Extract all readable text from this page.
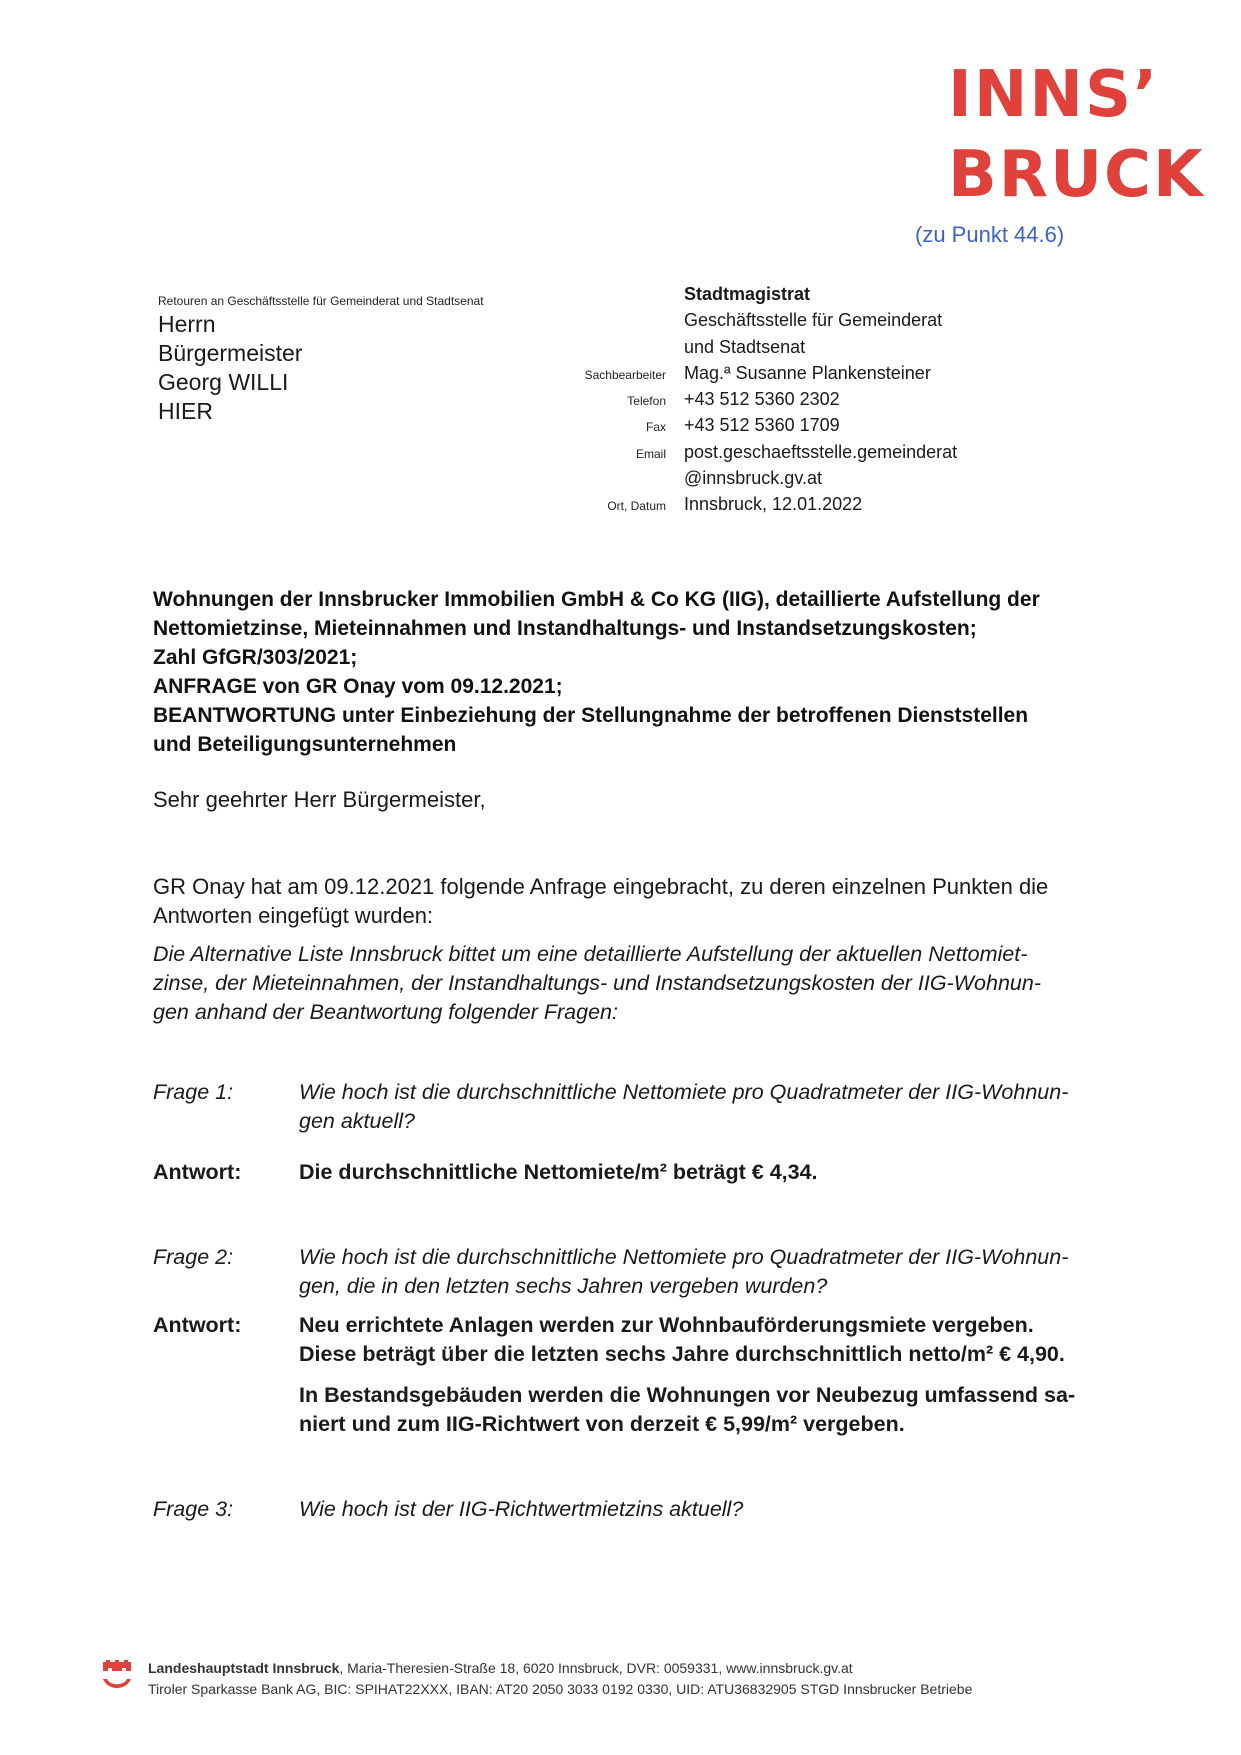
INNS’
BRUCK
(zu Punkt 44.6)
Retouren an Geschäftsstelle für Gemeinderat und Stadtsenat
Herrn
Bürgermeister
Georg WILLI
HIER
Stadtmagistrat
Geschäftsstelle für Gemeinderat
und Stadtsenat
Sachbearbeiter	Mag.ª Susanne Plankensteiner
Telefon	+43 512 5360 2302
Fax	+43 512 5360 1709
Email	post.geschaeftsstelle.gemeinderat
@innsbruck.gv.at
Ort, Datum	Innsbruck, 12.01.2022
Wohnungen der Innsbrucker Immobilien GmbH & Co KG (IIG), detaillierte Aufstellung der
Nettomietzinse, Mieteinnahmen und Instandhaltungs- und Instandsetzungskosten;
Zahl GfGR/303/2021;
ANFRAGE von GR Onay vom 09.12.2021;
BEANTWORTUNG unter Einbeziehung der Stellungnahme der betroffenen Dienststellen
und Beteiligungsunternehmen
Sehr geehrter Herr Bürgermeister,
GR Onay hat am 09.12.2021 folgende Anfrage eingebracht, zu deren einzelnen Punkten die
Antworten eingefügt wurden:
Die Alternative Liste Innsbruck bittet um eine detaillierte Aufstellung der aktuellen Nettomiet-
zinse, der Mieteinnahmen, der Instandhaltungs- und Instandsetzungskosten der IIG-Wohnun-
gen anhand der Beantwortung folgender Fragen:
Frage 1:	Wie hoch ist die durchschnittliche Nettomiete pro Quadratmeter der IIG-Wohnun-
gen aktuell?
Antwort:	Die durchschnittliche Nettomiete/m² beträgt € 4,34.
Frage 2:	Wie hoch ist die durchschnittliche Nettomiete pro Quadratmeter der IIG-Wohnun-
gen, die in den letzten sechs Jahren vergeben wurden?
Antwort:	Neu errichtete Anlagen werden zur Wohnbauförderungsmiete vergeben.
Diese beträgt über die letzten sechs Jahre durchschnittlich netto/m² € 4,90.
In Bestandsgebäuden werden die Wohnungen vor Neubezug umfassend sa-
niert und zum IIG-Richtwert von derzeit € 5,99/m² vergeben.
Frage 3:	Wie hoch ist der IIG-Richtwertmietzins aktuell?
Landeshauptstadt Innsbruck, Maria-Theresien-Straße 18, 6020 Innsbruck, DVR: 0059331, www.innsbruck.gv.at
Tiroler Sparkasse Bank AG, BIC: SPIHAT22XXX, IBAN: AT20 2050 3033 0192 0330, UID: ATU36832905 STGD Innsbrucker Betriebe
